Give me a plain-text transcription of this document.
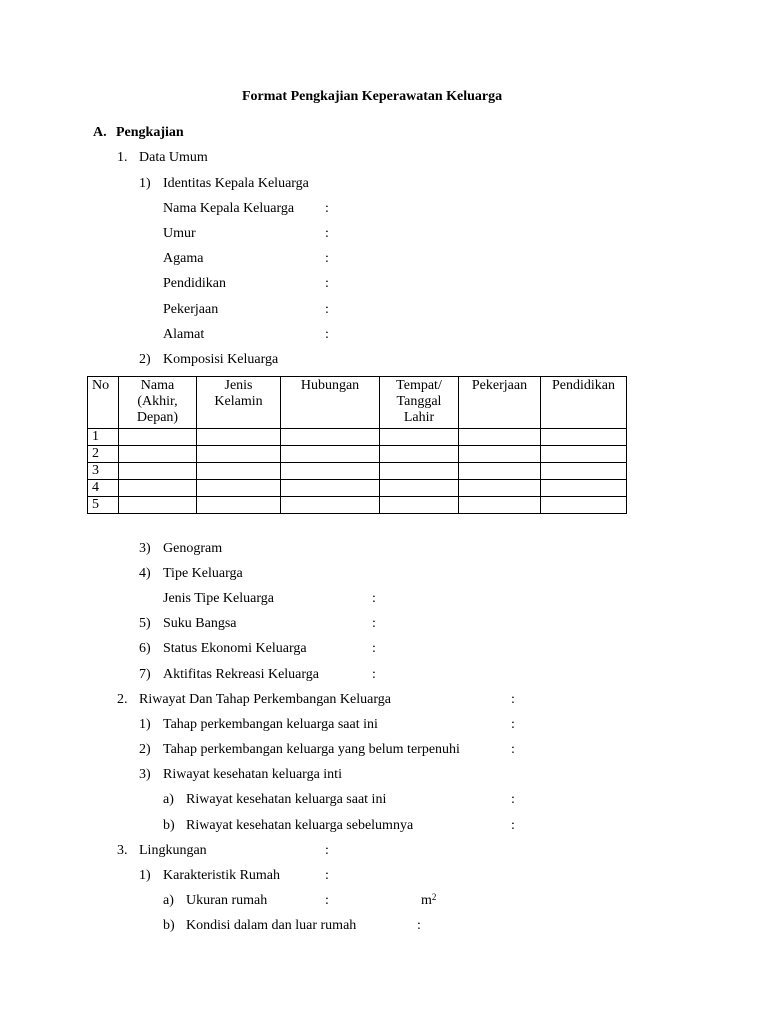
Format Pengkajian Keperawatan Keluarga
A. Pengkajian
1. Data Umum
1) Identitas Kepala Keluarga
Nama Kepala Keluarga :
Umur	:
Agama	:
Pendidikan	:
Pekerjaan	:
Alamat	:
2) Komposisi Keluarga
No	Nama (Akhir, Depan)	Jenis Kelamin	Hubungan	Tempat/ Tanggal Lahir	Pekerjaan	Pendidikan
1						
2						
3						
4						
5						
3) Genogram
4) Tipe Keluarga
Jenis Tipe Keluarga	:
5) Suku Bangsa	:
6) Status Ekonomi Keluarga	:
7) Aktifitas Rekreasi Keluarga	:
2. Riwayat Dan Tahap Perkembangan Keluarga	:
1) Tahap perkembangan keluarga saat ini	:
2) Tahap perkembangan keluarga yang belum terpenuhi	:
3) Riwayat kesehatan keluarga inti
a) Riwayat kesehatan keluarga saat ini	:
b) Riwayat kesehatan keluarga sebelumnya	:
3. Lingkungan	:
1) Karakteristik Rumah	:
a) Ukuran rumah	:	$m^2$
b) Kondisi dalam dan luar rumah	:
